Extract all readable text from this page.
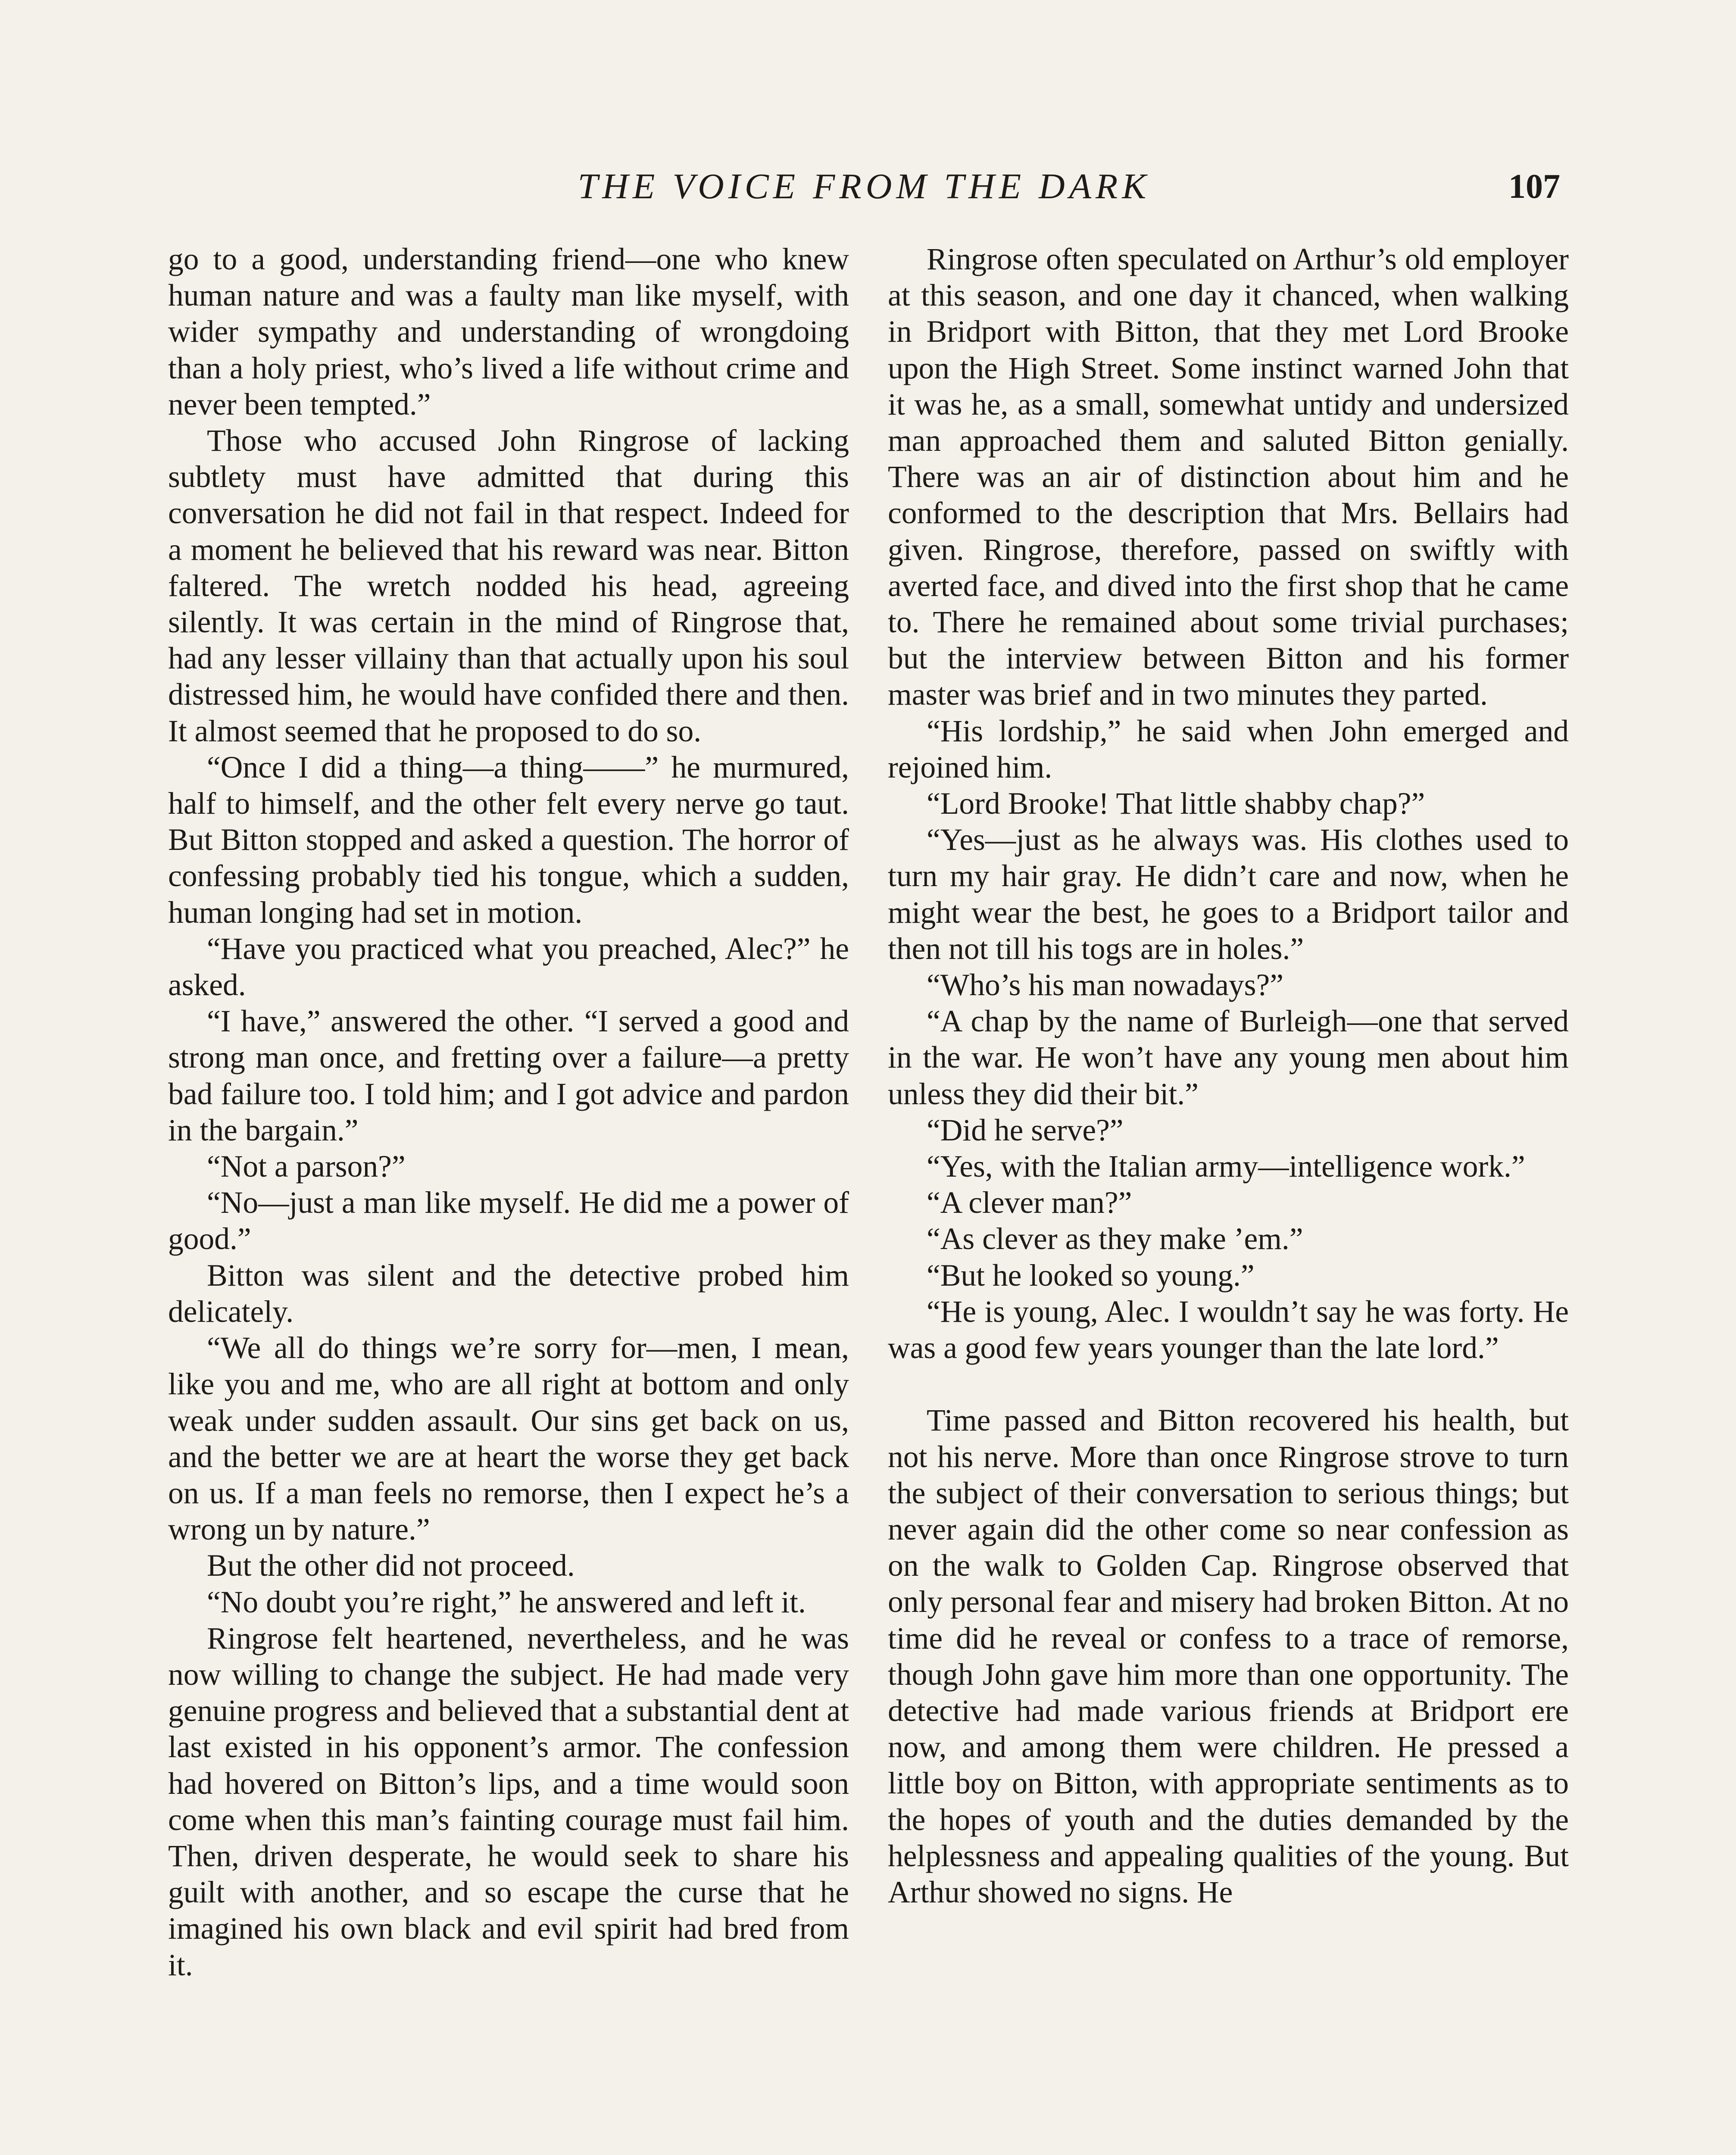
THE VOICE FROM THE DARK	107

go to a good, understanding friend—one who knew human nature and was a faulty man like myself, with wider sympathy and understanding of wrongdoing than a holy priest, who’s lived a life without crime and never been tempted.”

Those who accused John Ringrose of lacking subtlety must have admitted that during this conversation he did not fail in that respect. Indeed for a moment he believed that his reward was near. Bitton faltered. The wretch nodded his head, agreeing silently. It was certain in the mind of Ringrose that, had any lesser villainy than that actually upon his soul distressed him, he would have confided there and then. It almost seemed that he proposed to do so.

“Once I did a thing—a thing——” he murmured, half to himself, and the other felt every nerve go taut. But Bitton stopped and asked a question. The horror of confessing probably tied his tongue, which a sudden, human longing had set in motion.

“Have you practiced what you preached, Alec?” he asked.

“I have,” answered the other. “I served a good and strong man once, and fretting over a failure—a pretty bad failure too. I told him; and I got advice and pardon in the bargain.”

“Not a parson?”

“No—just a man like myself. He did me a power of good.”

Bitton was silent and the detective probed him delicately.

“We all do things we’re sorry for—men, I mean, like you and me, who are all right at bottom and only weak under sudden assault. Our sins get back on us, and the better we are at heart the worse they get back on us. If a man feels no remorse, then I expect he’s a wrong un by nature.”

But the other did not proceed.

“No doubt you’re right,” he answered and left it.

Ringrose felt heartened, nevertheless, and he was now willing to change the subject. He had made very genuine progress and believed that a substantial dent at last existed in his opponent’s armor. The confession had hovered on Bitton’s lips, and a time would soon come when this man’s fainting courage must fail him. Then, driven desperate, he would seek to share his guilt with another, and so escape the curse that he imagined his own black and evil spirit had bred from it.

Ringrose often speculated on Arthur’s old employer at this season, and one day it chanced, when walking in Bridport with Bitton, that they met Lord Brooke upon the High Street. Some instinct warned John that it was he, as a small, somewhat untidy and undersized man approached them and saluted Bitton genially. There was an air of distinction about him and he conformed to the description that Mrs. Bellairs had given. Ringrose, therefore, passed on swiftly with averted face, and dived into the first shop that he came to. There he remained about some trivial purchases; but the interview between Bitton and his former master was brief and in two minutes they parted.

“His lordship,” he said when John emerged and rejoined him.

“Lord Brooke! That little shabby chap?”

“Yes—just as he always was. His clothes used to turn my hair gray. He didn’t care and now, when he might wear the best, he goes to a Bridport tailor and then not till his togs are in holes.”

“Who’s his man nowadays?”

“A chap by the name of Burleigh—one that served in the war. He won’t have any young men about him unless they did their bit.”

“Did he serve?”

“Yes, with the Italian army—intelligence work.”

“A clever man?”

“As clever as they make ’em.”

“But he looked so young.”

“He is young, Alec. I wouldn’t say he was forty. He was a good few years younger than the late lord.”

Time passed and Bitton recovered his health, but not his nerve. More than once Ringrose strove to turn the subject of their conversation to serious things; but never again did the other come so near confession as on the walk to Golden Cap. Ringrose observed that only personal fear and misery had broken Bitton. At no time did he reveal or confess to a trace of remorse, though John gave him more than one opportunity. The detective had made various friends at Bridport ere now, and among them were children. He pressed a little boy on Bitton, with appropriate sentiments as to the hopes of youth and the duties demanded by the helplessness and appealing qualities of the young. But Arthur showed no signs. He
